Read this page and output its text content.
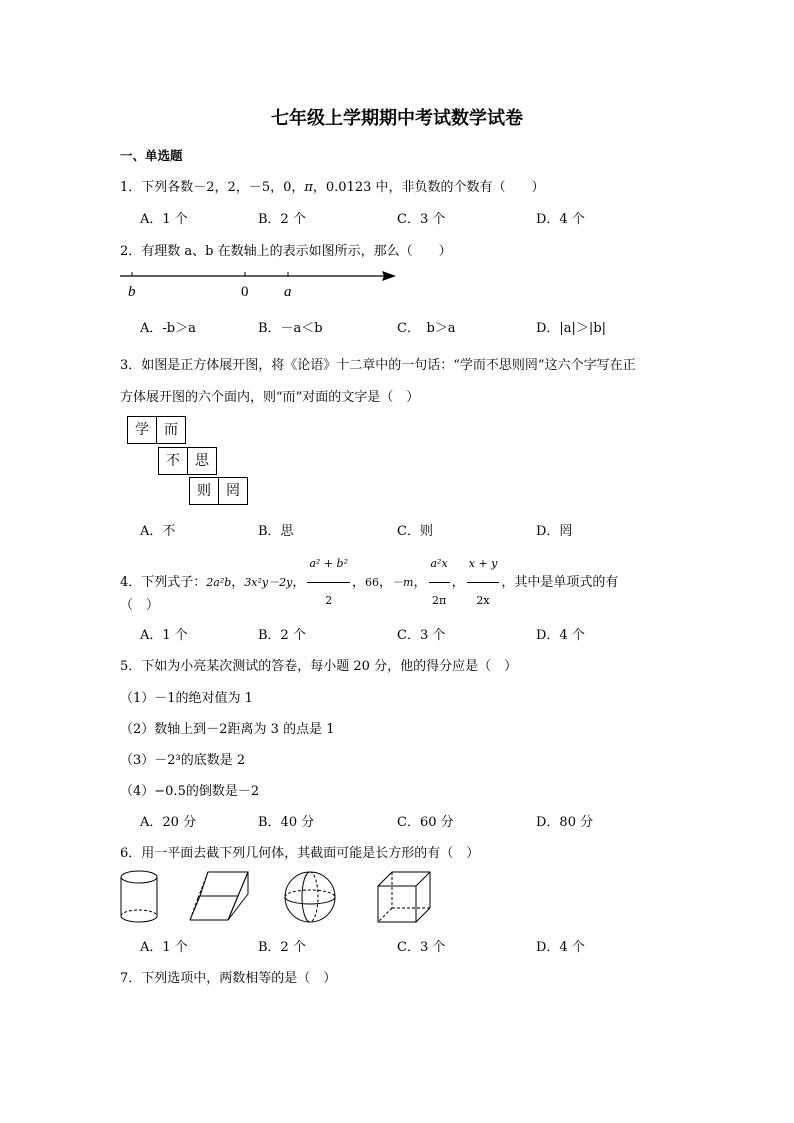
七年级上学期期中考试数学试卷
一、单选题
1．下列各数－2，2，－5，0，π，0.0123 中，非负数的个数有（　　）
A．1 个	B．2 个	C．3 个	D．4 个
2．有理数 a、b 在数轴上的表示如图所示，那么（　　）
b	0 a
A．-b＞a	B．－a＜b	C．　b＞a	D．|a|＞|b|
3．如图是正方体展开图，将《论语》十二章中的一句话：“学而不思则罔”这六个字写在正
方体展开图的六个面内，则“而”对面的文字是（　）
学	而
不	思
则	罔
A．不	B．思	C．则	D．罔
4．下列式子：2a²b，3x²y－2y， $\frac{\text{a² + b²}}{2}$ ，66，－m， $\frac{\text{a²x}}{2\pi}$ ， $\frac{x + y}{2x}$ ，其中是单项式的有
（　）
A．1 个	B．2 个	C．3 个	D．4 个
5．下如为小亮某次测试的答卷，每小题 20 分，他的得分应是（　）
（1）－1的绝对值为 1
（2）数轴上到－2距离为 3 的点是 1
（3）－2³的底数是 2
（4）−0.5的倒数是－2
A．20 分	B．40 分	C．60 分	D．80 分
6．用一平面去截下列几何体，其截面可能是长方形的有（　）
A．1 个	B．2 个	C．3 个	D．4 个
7．下列选项中，两数相等的是（　）
